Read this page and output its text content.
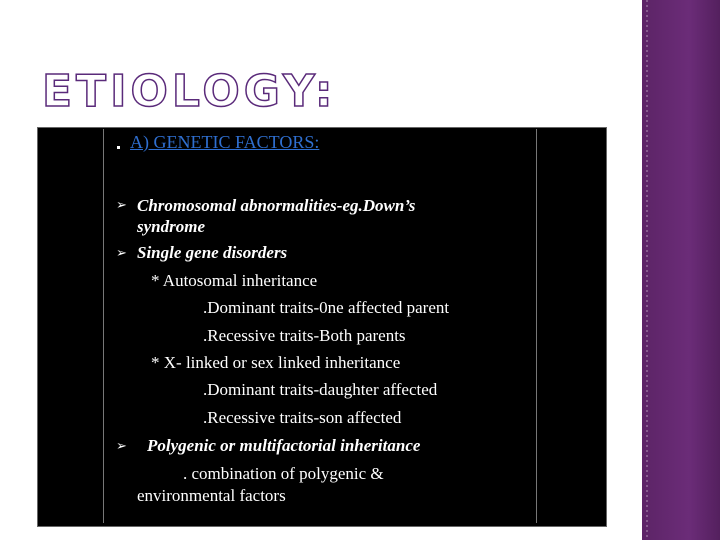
ETIOLOGY:
A) GENETIC FACTORS:
➢ Chromosomal abnormalities-eg.Down’s
syndrome
➢ Single gene disorders
* Autosomal inheritance
.Dominant traits-0ne affected parent
.Recessive traits-Both parents
* X- linked or sex linked inheritance
.Dominant traits-daughter affected
.Recessive traits-son affected
➢ Polygenic or multifactorial inheritance
. combination of polygenic &
environmental factors
